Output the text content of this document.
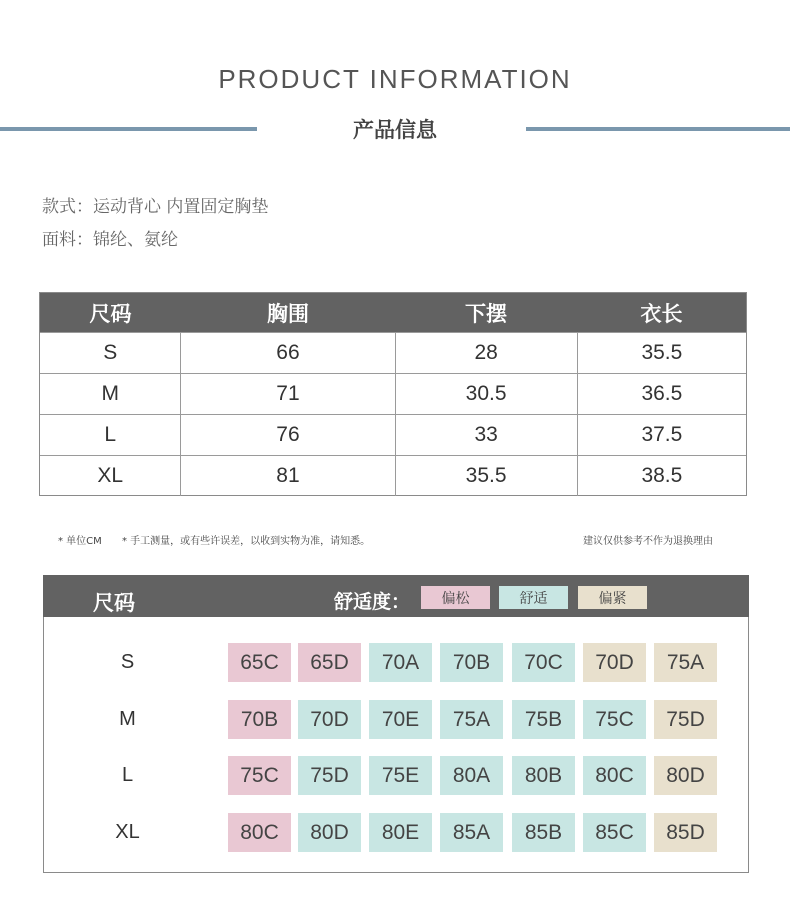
PRODUCT INFORMATION
产品信息
款式：运动背心 内置固定胸垫
面料：锦纶、氨纶
尺码	胸围	下摆	衣长
S	66	28	35.5
M	71	30.5	36.5
L	76	33	37.5
XL	81	35.5	38.5
* 单位CM * 手工测量，或有些许误差，以收到实物为准，请知悉。	建议仅供参考不作为退换理由
尺码	舒适度：	偏松	舒适	偏紧
S	65C	65D	70A	70B	70C	70D	75A
M	70B	70D	70E	75A	75B	75C	75D
L	75C	75D	75E	80A	80B	80C	80D
XL	80C	80D	80E	85A	85B	85C	85D
